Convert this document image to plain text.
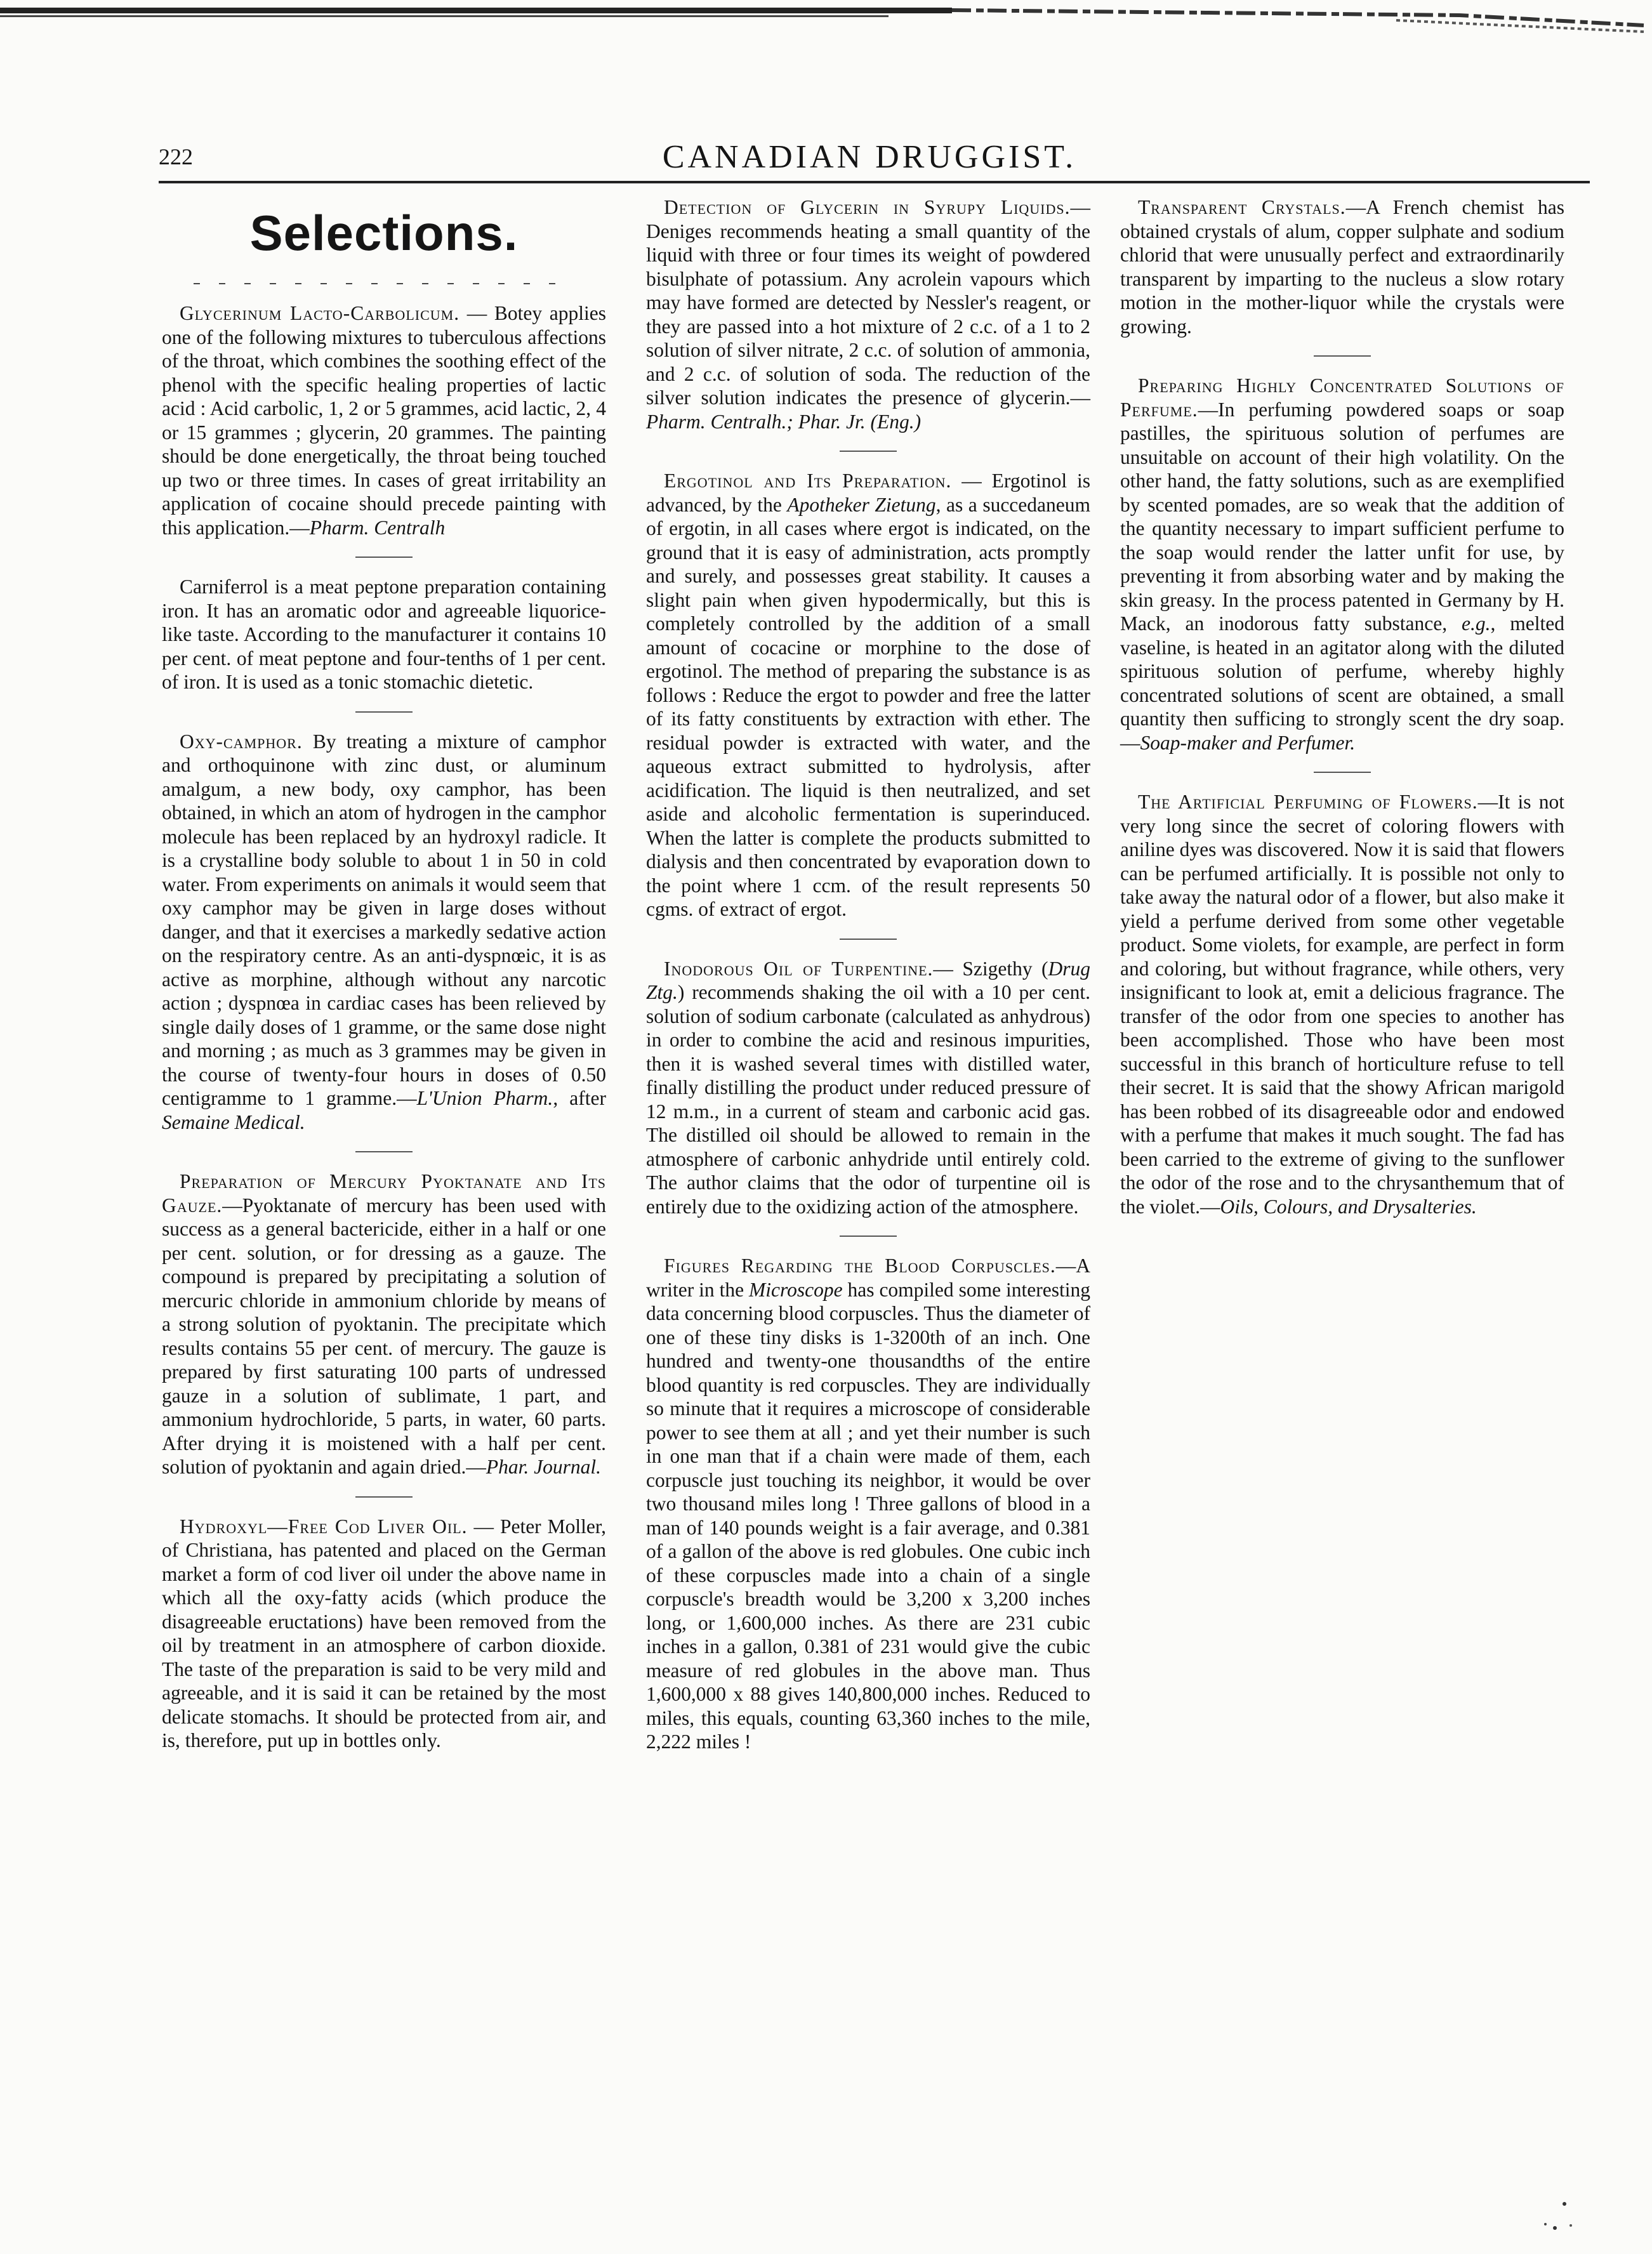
222	CANADIAN DRUGGIST.
Selections.

Glycerinum Lacto-Carbolicum. — Botey applies one of the following mixtures to tuberculous affections of the throat, which combines the soothing effect of the phenol with the specific healing properties of lactic acid : Acid carbolic, 1, 2 or 5 grammes, acid lactic, 2, 4 or 15 grammes ; glycerin, 20 grammes. The painting should be done energetically, the throat being touched up two or three times. In cases of great irritability an application of cocaine should precede painting with this application.—Pharm. Centralh

Carniferrol is a meat peptone preparation containing iron. It has an aromatic odor and agreeable liquorice-like taste. According to the manufacturer it contains 10 per cent. of meat peptone and four-tenths of 1 per cent. of iron. It is used as a tonic stomachic dietetic.

Oxy-camphor. By treating a mixture of camphor and orthoquinone with zinc dust, or aluminum amalgum, a new body, oxy camphor, has been obtained, in which an atom of hydrogen in the camphor molecule has been replaced by an hydroxyl radicle. It is a crystalline body soluble to about 1 in 50 in cold water. From experiments on animals it would seem that oxy camphor may be given in large doses without danger, and that it exercises a markedly sedative action on the respiratory centre. As an anti-dyspnœic, it is as active as morphine, although without any narcotic action ; dyspnœa in cardiac cases has been relieved by single daily doses of 1 gramme, or the same dose night and morning ; as much as 3 grammes may be given in the course of twenty-four hours in doses of 0.50 centigramme to 1 gramme.—L'Union Pharm., after Semaine Medical.

Preparation of Mercury Pyoktanate and Its Gauze.—Pyoktanate of mercury has been used with success as a general bactericide, either in a half or one per cent. solution, or for dressing as a gauze. The compound is prepared by precipitating a solution of mercuric chloride in ammonium chloride by means of a strong solution of pyoktanin. The precipitate which results contains 55 per cent. of mercury. The gauze is prepared by first saturating 100 parts of undressed gauze in a solution of sublimate, 1 part, and ammonium hydrochloride, 5 parts, in water, 60 parts. After drying it is moistened with a half per cent. solution of pyoktanin and again dried.—Phar. Journal.

Hydroxyl—Free Cod Liver Oil. — Peter Moller, of Christiana, has patented and placed on the German market a form of cod liver oil under the above name in which all the oxy-fatty acids (which produce the disagreeable eructations) have been removed from the oil by treatment in an atmosphere of carbon dioxide. The taste of the preparation is said to be very mild and agreeable, and it is said it can be retained by the most delicate stomachs. It should be protected from air, and is, therefore, put up in bottles only.

Detection of Glycerin in Syrupy Liquids.—Deniges recommends heating a small quantity of the liquid with three or four times its weight of powdered bisulphate of potassium. Any acrolein vapours which may have formed are detected by Nessler's reagent, or they are passed into a hot mixture of 2 c.c. of a 1 to 2 solution of silver nitrate, 2 c.c. of solution of ammonia, and 2 c.c. of solution of soda. The reduction of the silver solution indicates the presence of glycerin.—Pharm. Centralh.; Phar. Jr. (Eng.)

Ergotinol and Its Preparation. — Ergotinol is advanced, by the Apotheker Zietung, as a succedaneum of ergotin, in all cases where ergot is indicated, on the ground that it is easy of administration, acts promptly and surely, and possesses great stability. It causes a slight pain when given hypodermically, but this is completely controlled by the addition of a small amount of cocacine or morphine to the dose of ergotinol. The method of preparing the substance is as follows : Reduce the ergot to powder and free the latter of its fatty constituents by extraction with ether. The residual powder is extracted with water, and the aqueous extract submitted to hydrolysis, after acidification. The liquid is then neutralized, and set aside and alcoholic fermentation is superinduced. When the latter is complete the products submitted to dialysis and then concentrated by evaporation down to the point where 1 ccm. of the result represents 50 cgms. of extract of ergot.

Inodorous Oil of Turpentine.— Szigethy (Drug Ztg.) recommends shaking the oil with a 10 per cent. solution of sodium carbonate (calculated as anhydrous) in order to combine the acid and resinous impurities, then it is washed several times with distilled water, finally distilling the product under reduced pressure of 12 m.m., in a current of steam and carbonic acid gas. The distilled oil should be allowed to remain in the atmosphere of carbonic anhydride until entirely cold. The author claims that the odor of turpentine oil is entirely due to the oxidizing action of the atmosphere.

Figures Regarding the Blood Corpuscles.—A writer in the Microscope has compiled some interesting data concerning blood corpuscles. Thus the diameter of one of these tiny disks is 1-3200th of an inch. One hundred and twenty-one thousandths of the entire blood quantity is red corpuscles. They are individually so minute that it requires a microscope of considerable power to see them at all ; and yet their number is such in one man that if a chain were made of them, each corpuscle just touching its neighbor, it would be over two thousand miles long ! Three gallons of blood in a man of 140 pounds weight is a fair average, and 0.381 of a gallon of the above is red globules. One cubic inch of these corpuscles made into a chain of a single corpuscle's breadth would be 3,200 x 3,200 inches long, or 1,600,000 inches. As there are 231 cubic inches in a gallon, 0.381 of 231 would give the cubic measure of red globules in the above man. Thus 1,600,000 x 88 gives 140,800,000 inches. Reduced to miles, this equals, counting 63,360 inches to the mile, 2,222 miles !

Transparent Crystals.—A French chemist has obtained crystals of alum, copper sulphate and sodium chlorid that were unusually perfect and extraordinarily transparent by imparting to the nucleus a slow rotary motion in the mother-liquor while the crystals were growing.

Preparing Highly Concentrated Solutions of Perfume.—In perfuming powdered soaps or soap pastilles, the spirituous solution of perfumes are unsuitable on account of their high volatility. On the other hand, the fatty solutions, such as are exemplified by scented pomades, are so weak that the addition of the quantity necessary to impart sufficient perfume to the soap would render the latter unfit for use, by preventing it from absorbing water and by making the skin greasy. In the process patented in Germany by H. Mack, an inodorous fatty substance, e.g., melted vaseline, is heated in an agitator along with the diluted spirituous solution of perfume, whereby highly concentrated solutions of scent are obtained, a small quantity then sufficing to strongly scent the dry soap.—Soap-maker and Perfumer.

The Artificial Perfuming of Flowers.—It is not very long since the secret of coloring flowers with aniline dyes was discovered. Now it is said that flowers can be perfumed artificially. It is possible not only to take away the natural odor of a flower, but also make it yield a perfume derived from some other vegetable product. Some violets, for example, are perfect in form and coloring, but without fragrance, while others, very insignificant to look at, emit a delicious fragrance. The transfer of the odor from one species to another has been accomplished. Those who have been most successful in this branch of horticulture refuse to tell their secret. It is said that the showy African marigold has been robbed of its disagreeable odor and endowed with a perfume that makes it much sought. The fad has been carried to the extreme of giving to the sunflower the odor of the rose and to the chrysanthemum that of the violet.—Oils, Colours, and Drysalteries.
